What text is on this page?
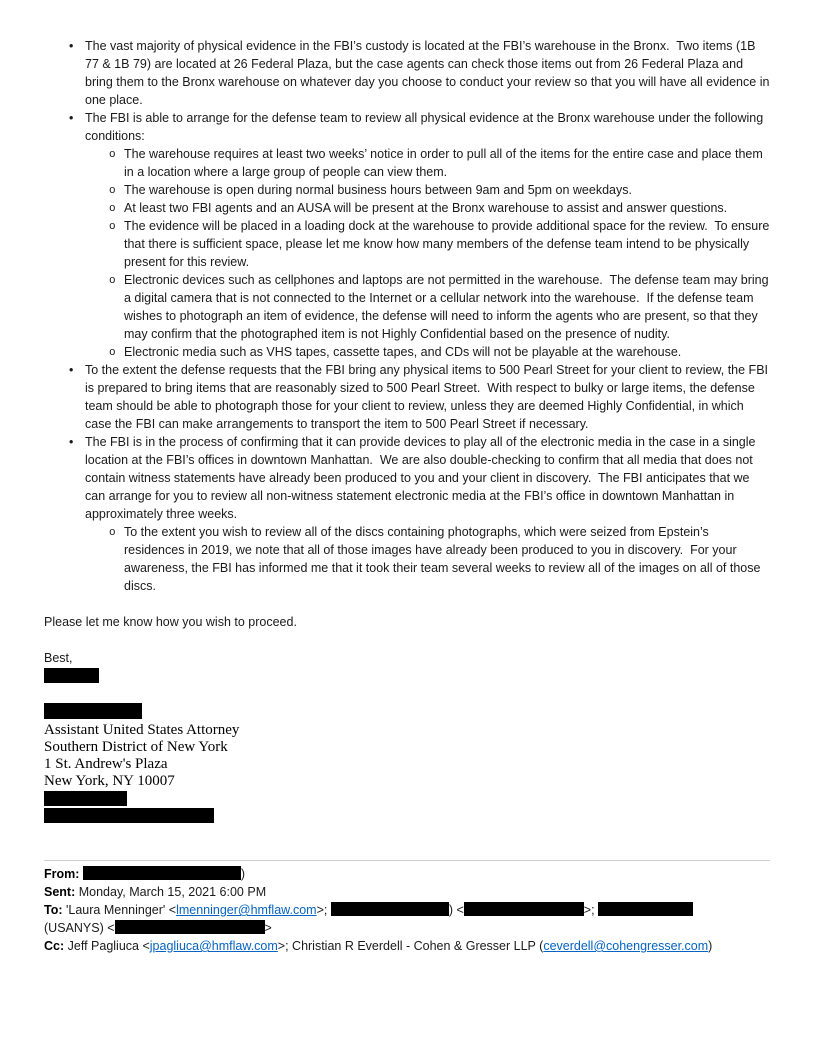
• The vast majority of physical evidence in the FBI’s custody is located at the FBI’s warehouse in the Bronx.  Two items (1B 77 & 1B 79) are located at 26 Federal Plaza, but the case agents can check those items out from 26 Federal Plaza and bring them to the Bronx warehouse on whatever day you choose to conduct your review so that you will have all evidence in one place.
• The FBI is able to arrange for the defense team to review all physical evidence at the Bronx warehouse under the following conditions:
o The warehouse requires at least two weeks’ notice in order to pull all of the items for the entire case and place them in a location where a large group of people can view them.
o The warehouse is open during normal business hours between 9am and 5pm on weekdays.
o At least two FBI agents and an AUSA will be present at the Bronx warehouse to assist and answer questions.
o The evidence will be placed in a loading dock at the warehouse to provide additional space for the review.  To ensure that there is sufficient space, please let me know how many members of the defense team intend to be physically present for this review.
o Electronic devices such as cellphones and laptops are not permitted in the warehouse.  The defense team may bring a digital camera that is not connected to the Internet or a cellular network into the warehouse.  If the defense team wishes to photograph an item of evidence, the defense will need to inform the agents who are present, so that they may confirm that the photographed item is not Highly Confidential based on the presence of nudity.
o Electronic media such as VHS tapes, cassette tapes, and CDs will not be playable at the warehouse.
• To the extent the defense requests that the FBI bring any physical items to 500 Pearl Street for your client to review, the FBI is prepared to bring items that are reasonably sized to 500 Pearl Street.  With respect to bulky or large items, the defense team should be able to photograph those for your client to review, unless they are deemed Highly Confidential, in which case the FBI can make arrangements to transport the item to 500 Pearl Street if necessary.
• The FBI is in the process of confirming that it can provide devices to play all of the electronic media in the case in a single location at the FBI’s offices in downtown Manhattan.  We are also double-checking to confirm that all media that does not contain witness statements have already been produced to you and your client in discovery.  The FBI anticipates that we can arrange for you to review all non-witness statement electronic media at the FBI’s office in downtown Manhattan in approximately three weeks.
o To the extent you wish to review all of the discs containing photographs, which were seized from Epstein’s residences in 2019, we note that all of those images have already been produced to you in discovery.  For your awareness, the FBI has informed me that it took their team several weeks to review all of the images on all of those discs.

Please let me know how you wish to proceed.

Best,

Assistant United States Attorney

Southern District of New York

1 St. Andrew's Plaza

New York, NY 10007

From:	)

Sent: Monday, March 15, 2021 6:00 PM

To: 'Laura Menninger' <lmenninger@hmflaw.com>;	) <	>;
(USANYS) <	>

Cc: Jeff Pagliuca <jpagliuca@hmflaw.com>; Christian R Everdell - Cohen & Gresser LLP (ceverdell@cohengresser.com)
